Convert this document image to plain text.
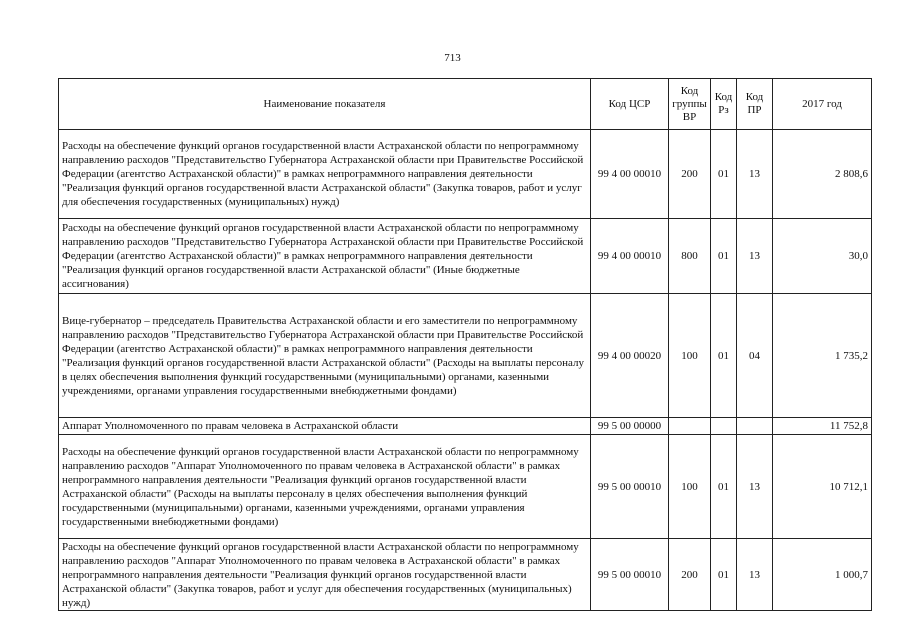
713
Наименование показателя	Код ЦСР	Код группы ВР	Код Рз	Код ПР	2017 год
Расходы на обеспечение функций органов государственной власти Астраханской области по непрограммному направлению расходов "Представительство Губернатора Астраханской области при Правительстве Российской Федерации (агентство Астраханской области)" в рамках непрограммного направления деятельности "Реализация функций органов государственной власти Астраханской области" (Закупка товаров, работ и услуг для обеспечения государственных (муниципальных) нужд)	99 4 00 00010	200	01	13	2 808,6
Расходы на обеспечение функций органов государственной власти Астраханской области по непрограммному направлению расходов "Представительство Губернатора Астраханской области при Правительстве Российской Федерации (агентство Астраханской области)" в рамках непрограммного направления деятельности "Реализация функций органов государственной власти Астраханской области" (Иные бюджетные ассигнования)	99 4 00 00010	800	01	13	30,0
Вице-губернатор – председатель Правительства Астраханской области и его заместители по непрограммному направлению расходов "Представительство Губернатора Астраханской области при Правительстве Российской Федерации (агентство Астраханской области)" в рамках непрограммного направления деятельности "Реализация функций органов государственной власти Астраханской области" (Расходы на выплаты персоналу в целях обеспечения выполнения функций государственными (муниципальными) органами, казенными учреждениями, органами управления государственными внебюджетными фондами)	99 4 00 00020	100	01	04	1 735,2
Аппарат Уполномоченного по правам человека в Астраханской области	99 5 00 00000				11 752,8
Расходы на обеспечение функций органов государственной власти Астраханской области по непрограммному направлению расходов "Аппарат Уполномоченного по правам человека в Астраханской области" в рамках непрограммного направления деятельности "Реализация функций органов государственной власти Астраханской области" (Расходы на выплаты персоналу в целях обеспечения выполнения функций государственными (муниципальными) органами, казенными учреждениями, органами управления государственными внебюджетными фондами)	99 5 00 00010	100	01	13	10 712,1
Расходы на обеспечение функций органов государственной власти Астраханской области по непрограммному направлению расходов "Аппарат Уполномоченного по правам человека в Астраханской области" в рамках непрограммного направления деятельности "Реализация функций органов государственной власти Астраханской области" (Закупка товаров, работ и услуг для обеспечения государственных (муниципальных) нужд)	99 5 00 00010	200	01	13	1 000,7
